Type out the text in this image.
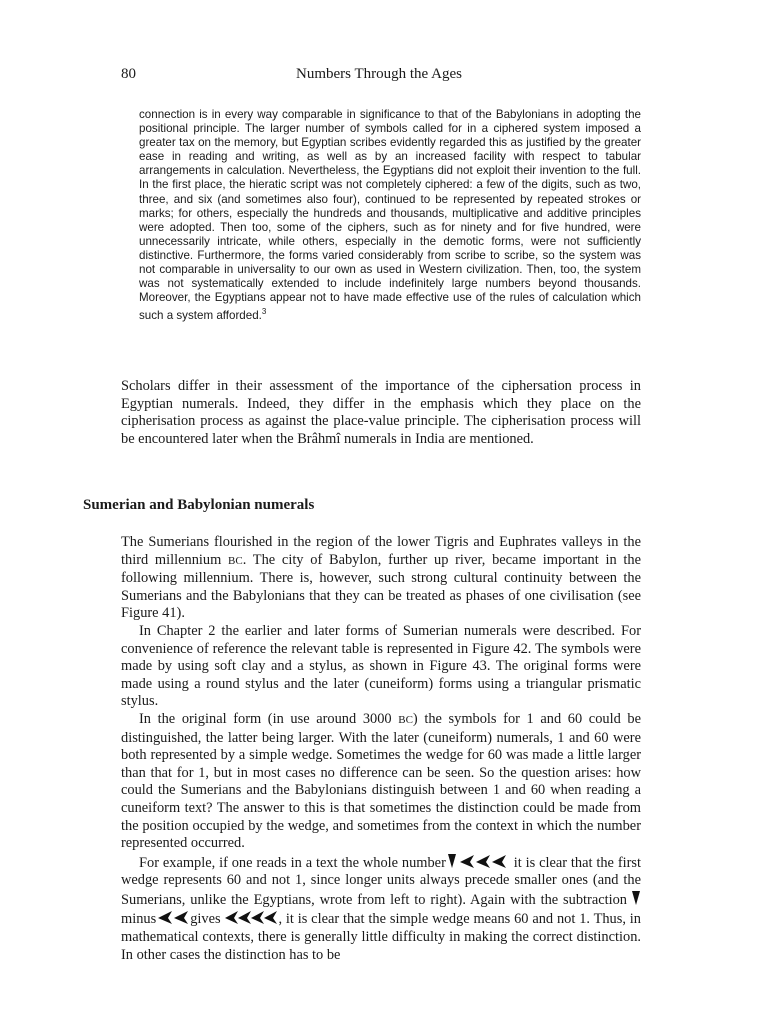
80	Numbers Through the Ages

connection is in every way comparable in significance to that of the Babylonians in adopting the positional principle. The larger number of symbols called for in a ciphered system imposed a greater tax on the memory, but Egyptian scribes evidently regarded this as justified by the greater ease in reading and writing, as well as by an increased facility with respect to tabular arrangements in calculation. Nevertheless, the Egyptians did not exploit their invention to the full. In the first place, the hieratic script was not completely ciphered: a few of the digits, such as two, three, and six (and sometimes also four), continued to be represented by repeated strokes or marks; for others, especially the hundreds and thousands, multiplicative and additive principles were adopted. Then too, some of the ciphers, such as for ninety and for five hundred, were unnecessarily intricate, while others, especially in the demotic forms, were not sufficiently distinctive. Furthermore, the forms varied considerably from scribe to scribe, so the system was not comparable in universality to our own as used in Western civilization. Then, too, the system was not systematically extended to include indefinitely large numbers beyond thousands. Moreover, the Egyptians appear not to have made effective use of the rules of calculation which such a system afforded.$^3$

Scholars differ in their assessment of the importance of the ciphersation process in Egyptian numerals. Indeed, they differ in the emphasis which they place on the cipherisation process as against the place-value principle. The cipherisation process will be encountered later when the Brâhmî numerals in India are mentioned.

Sumerian and Babylonian numerals

The Sumerians flourished in the region of the lower Tigris and Euphrates valleys in the third millennium BC. The city of Babylon, further up river, became important in the following millennium. There is, however, such strong cultural continuity between the Sumerians and the Babylonians that they can be treated as phases of one civilisation (see Figure 41).

In Chapter 2 the earlier and later forms of Sumerian numerals were described. For convenience of reference the relevant table is represented in Figure 42. The symbols were made by using soft clay and a stylus, as shown in Figure 43. The original forms were made using a round stylus and the later (cuneiform) forms using a triangular prismatic stylus.

In the original form (in use around 3000 BC) the symbols for 1 and 60 could be distinguished, the latter being larger. With the later (cuneiform) numerals, 1 and 60 were both represented by a simple wedge. Sometimes the wedge for 60 was made a little larger than that for 1, but in most cases no difference can be seen. So the question arises: how could the Sumerians and the Babylonians distinguish between 1 and 60 when reading a cuneiform text? The answer to this is that sometimes the distinction could be made from the position occupied by the wedge, and sometimes from the context in which the number represented occurred.

For example, if one reads in a text the whole number	it is clear that the first wedge represents 60 and not 1, since longer units always precede smaller ones (and the Sumerians, unlike the Egyptians, wrote from left to right). Again with the subtraction
minus gives	, it is clear that the simple wedge means 60 and not 1. Thus, in mathematical contexts, there is generally little difficulty in making the correct distinction. In other cases the distinction has to be
